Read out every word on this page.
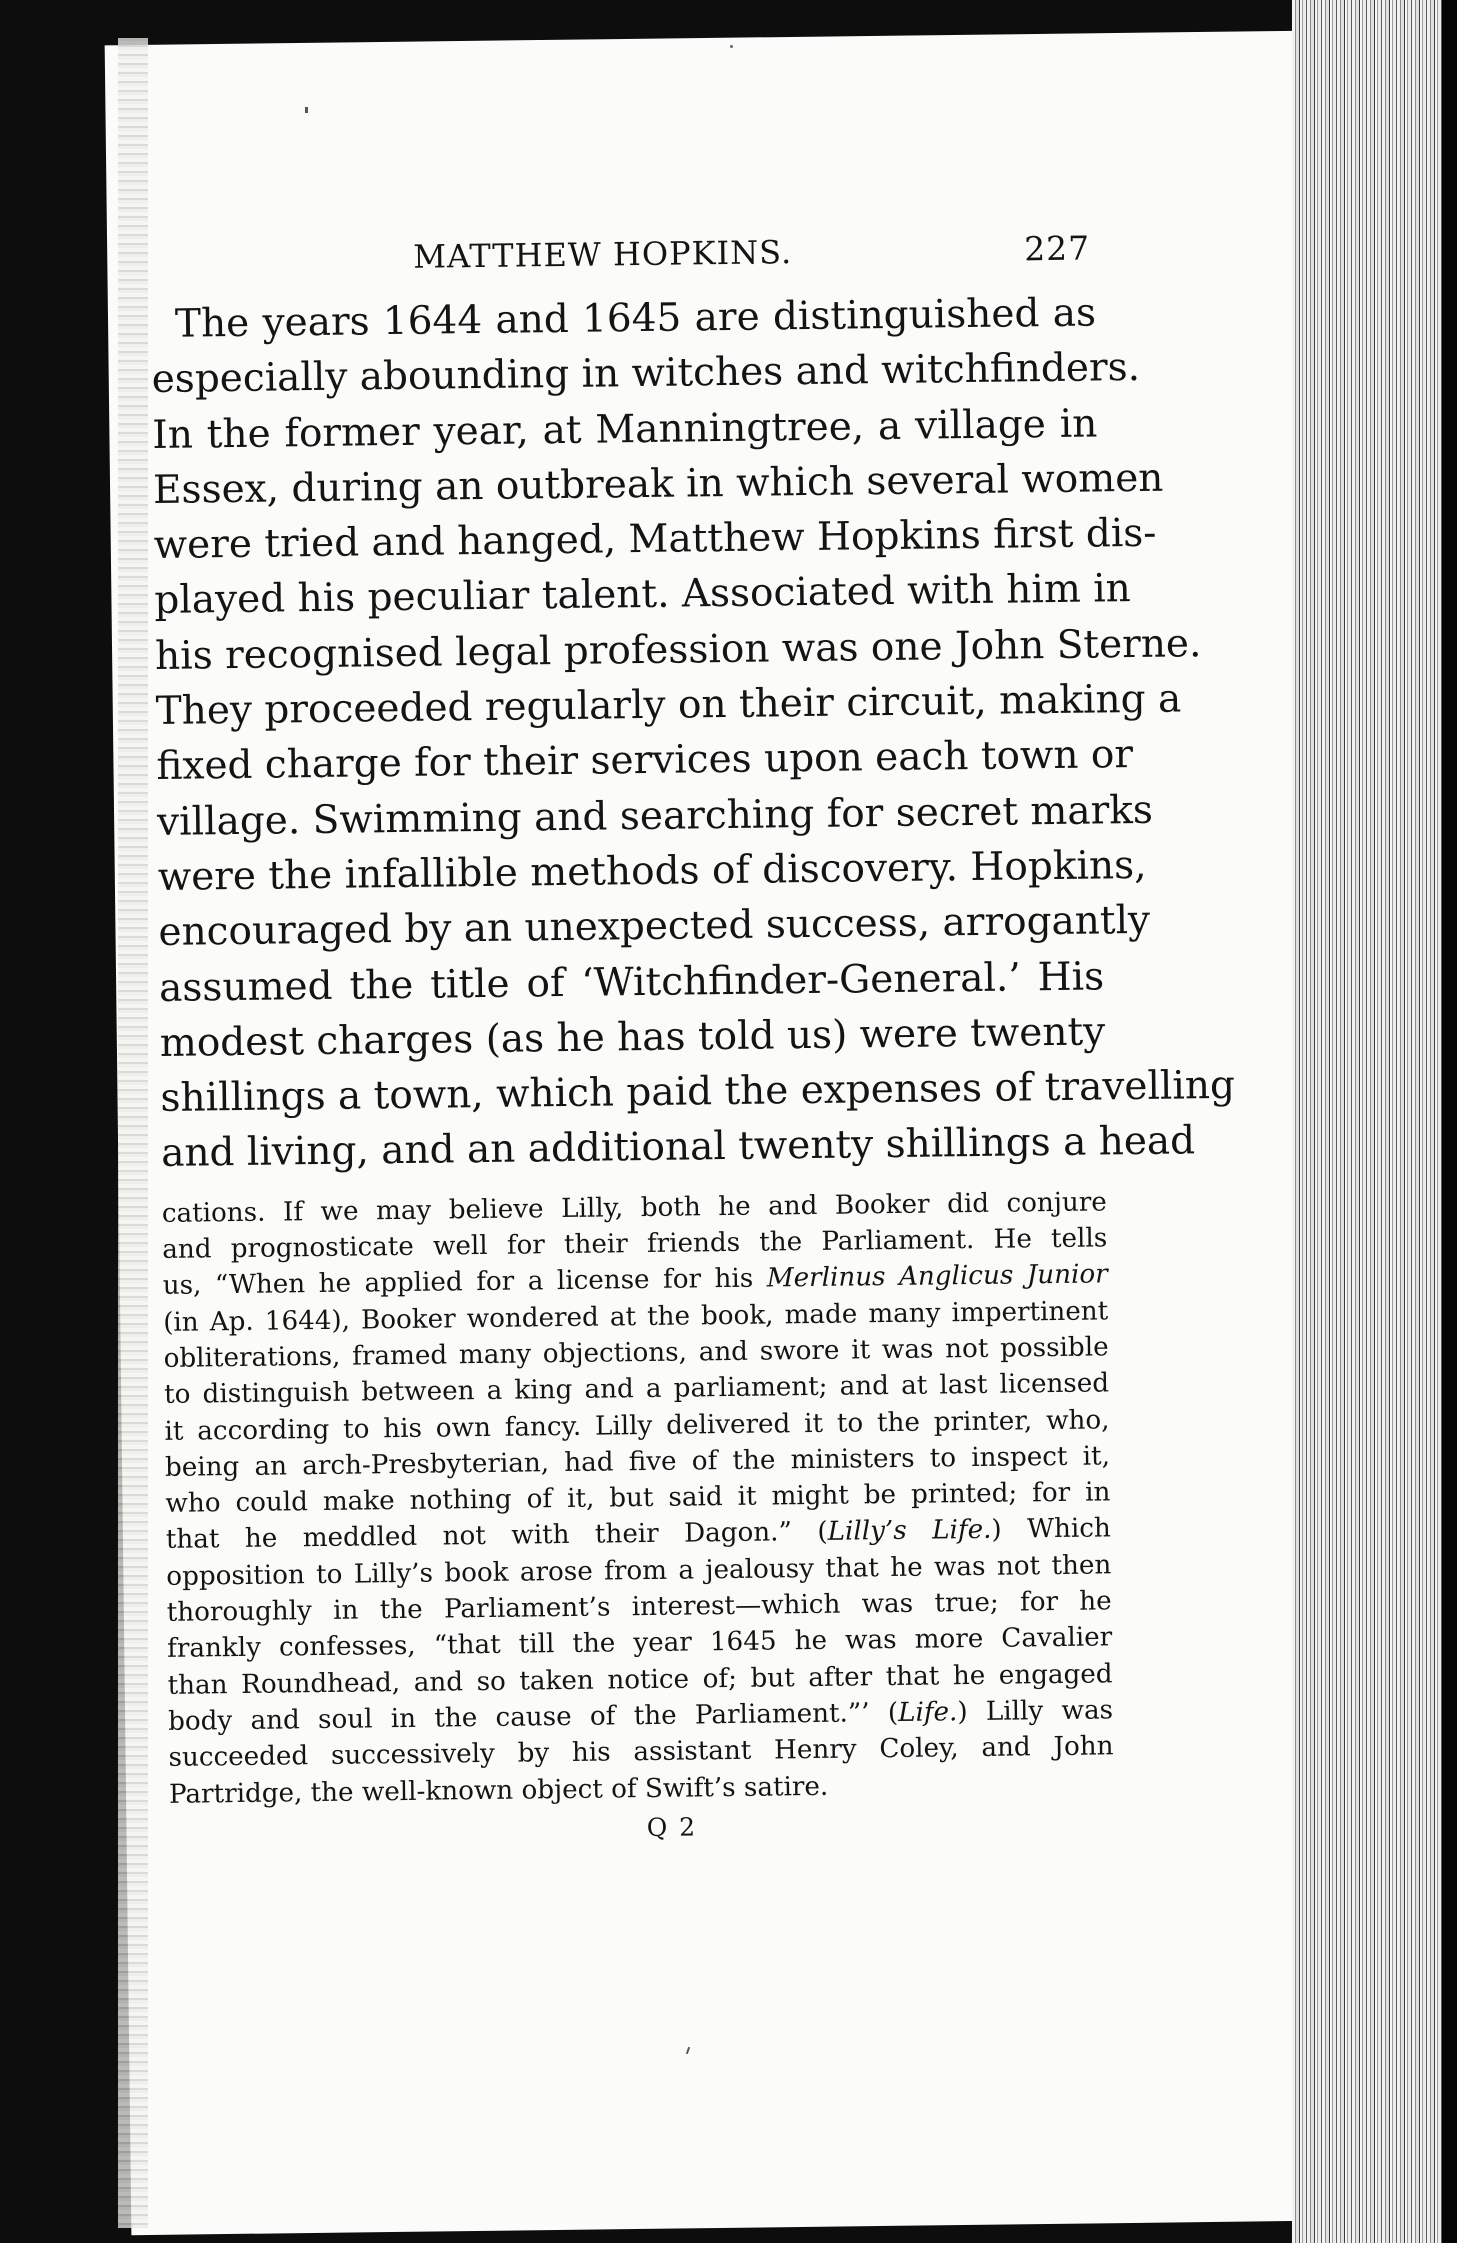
MATTHEW HOPKINS.	227
The years 1644 and 1645 are distinguished as
especially abounding in witches and witchfinders.
In the former year, at Manningtree, a village in
Essex, during an outbreak in which several women
were tried and hanged, Matthew Hopkins first dis-
played his peculiar talent. Associated with him in
his recognised legal profession was one John Sterne.
They proceeded regularly on their circuit, making a
fixed charge for their services upon each town or
village. Swimming and searching for secret marks
were the infallible methods of discovery. Hopkins,
encouraged by an unexpected success, arrogantly
assumed the title of ‘Witchfinder-General.’ His
modest charges (as he has told us) were twenty
shillings a town, which paid the expenses of travelling
and living, and an additional twenty shillings a head
cations. If we may believe Lilly, both he and Booker did conjure
and prognosticate well for their friends the Parliament. He tells
us, “When he applied for a license for his Merlinus Anglicus Junior
(in Ap. 1644), Booker wondered at the book, made many impertinent
obliterations, framed many objections, and swore it was not possible
to distinguish between a king and a parliament; and at last licensed
it according to his own fancy. Lilly delivered it to the printer, who,
being an arch-Presbyterian, had five of the ministers to inspect it,
who could make nothing of it, but said it might be printed; for in
that he meddled not with their Dagon.” (Lilly’s Life.) Which
opposition to Lilly’s book arose from a jealousy that he was not then
thoroughly in the Parliament’s interest—which was true; for he
frankly confesses, “that till the year 1645 he was more Cavalier
than Roundhead, and so taken notice of; but after that he engaged
body and soul in the cause of the Parliament.”’ (Life.) Lilly was
succeeded successively by his assistant Henry Coley, and John
Partridge, the well-known object of Swift’s satire.
Q 2
